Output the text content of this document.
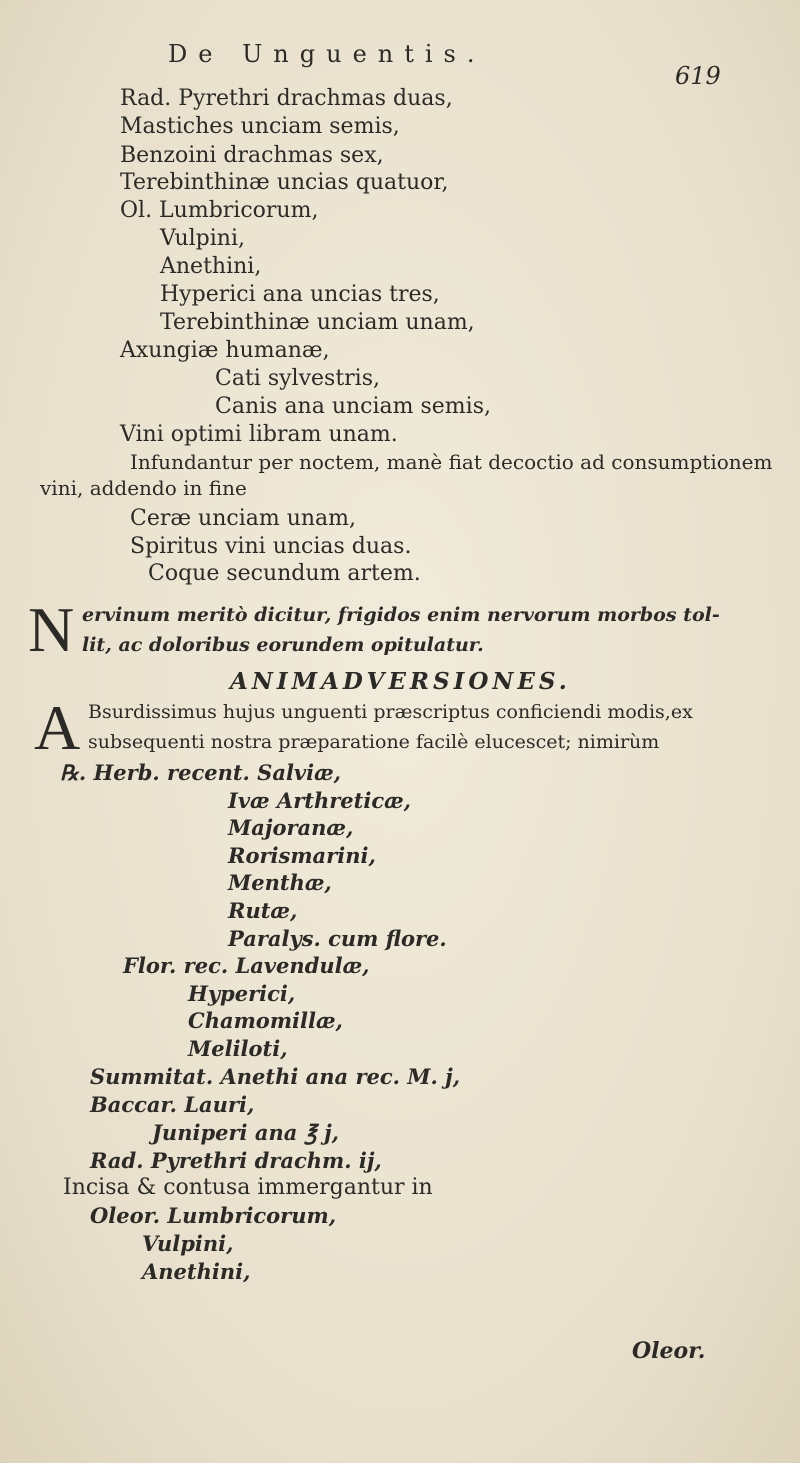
De Unguentis.
619
Rad. Pyrethri drachmas duas,
Mastiches unciam semis,
Benzoini drachmas sex,
Terebinthinæ uncias quatuor,
Ol. Lumbricorum,
Vulpini,
Anethini,
Hyperici ana uncias tres,
Terebinthinæ unciam unam,
Axungiæ humanæ,
Cati sylvestris,
Canis ana unciam semis,
Vini optimi libram unam.
Infundantur per noctem, manè fiat decoctio ad consumptionem
vini, addendo in fine
Ceræ unciam unam,
Spiritus vini uncias duas.
Coque secundum artem.
N ervinum meritò dicitur, frigidos enim nervorum morbos tol-
lit, ac doloribus eorundem opitulatur.
ANIMADVERSIONES.
A Bsurdissimus hujus unguenti præscriptus conficiendi modis,ex
subsequenti nostra præparatione facilè elucescet; nimirùm
℞. Herb. recent. Salviæ,
Ivæ Arthreticæ,
Majoranæ,
Rorismarini,
Menthæ,
Rutæ,
Paralys. cum flore.
Flor. rec. Lavendulæ,
Hyperici,
Chamomillæ,
Meliloti,
Summitat. Anethi ana rec. M. j,
Baccar. Lauri,
Juniperi ana ℥ j,
Rad. Pyrethri drachm. ij,
Incisa & contusa immergantur in
Oleor. Lumbricorum,
Vulpini,
Anethini,
Oleor.
